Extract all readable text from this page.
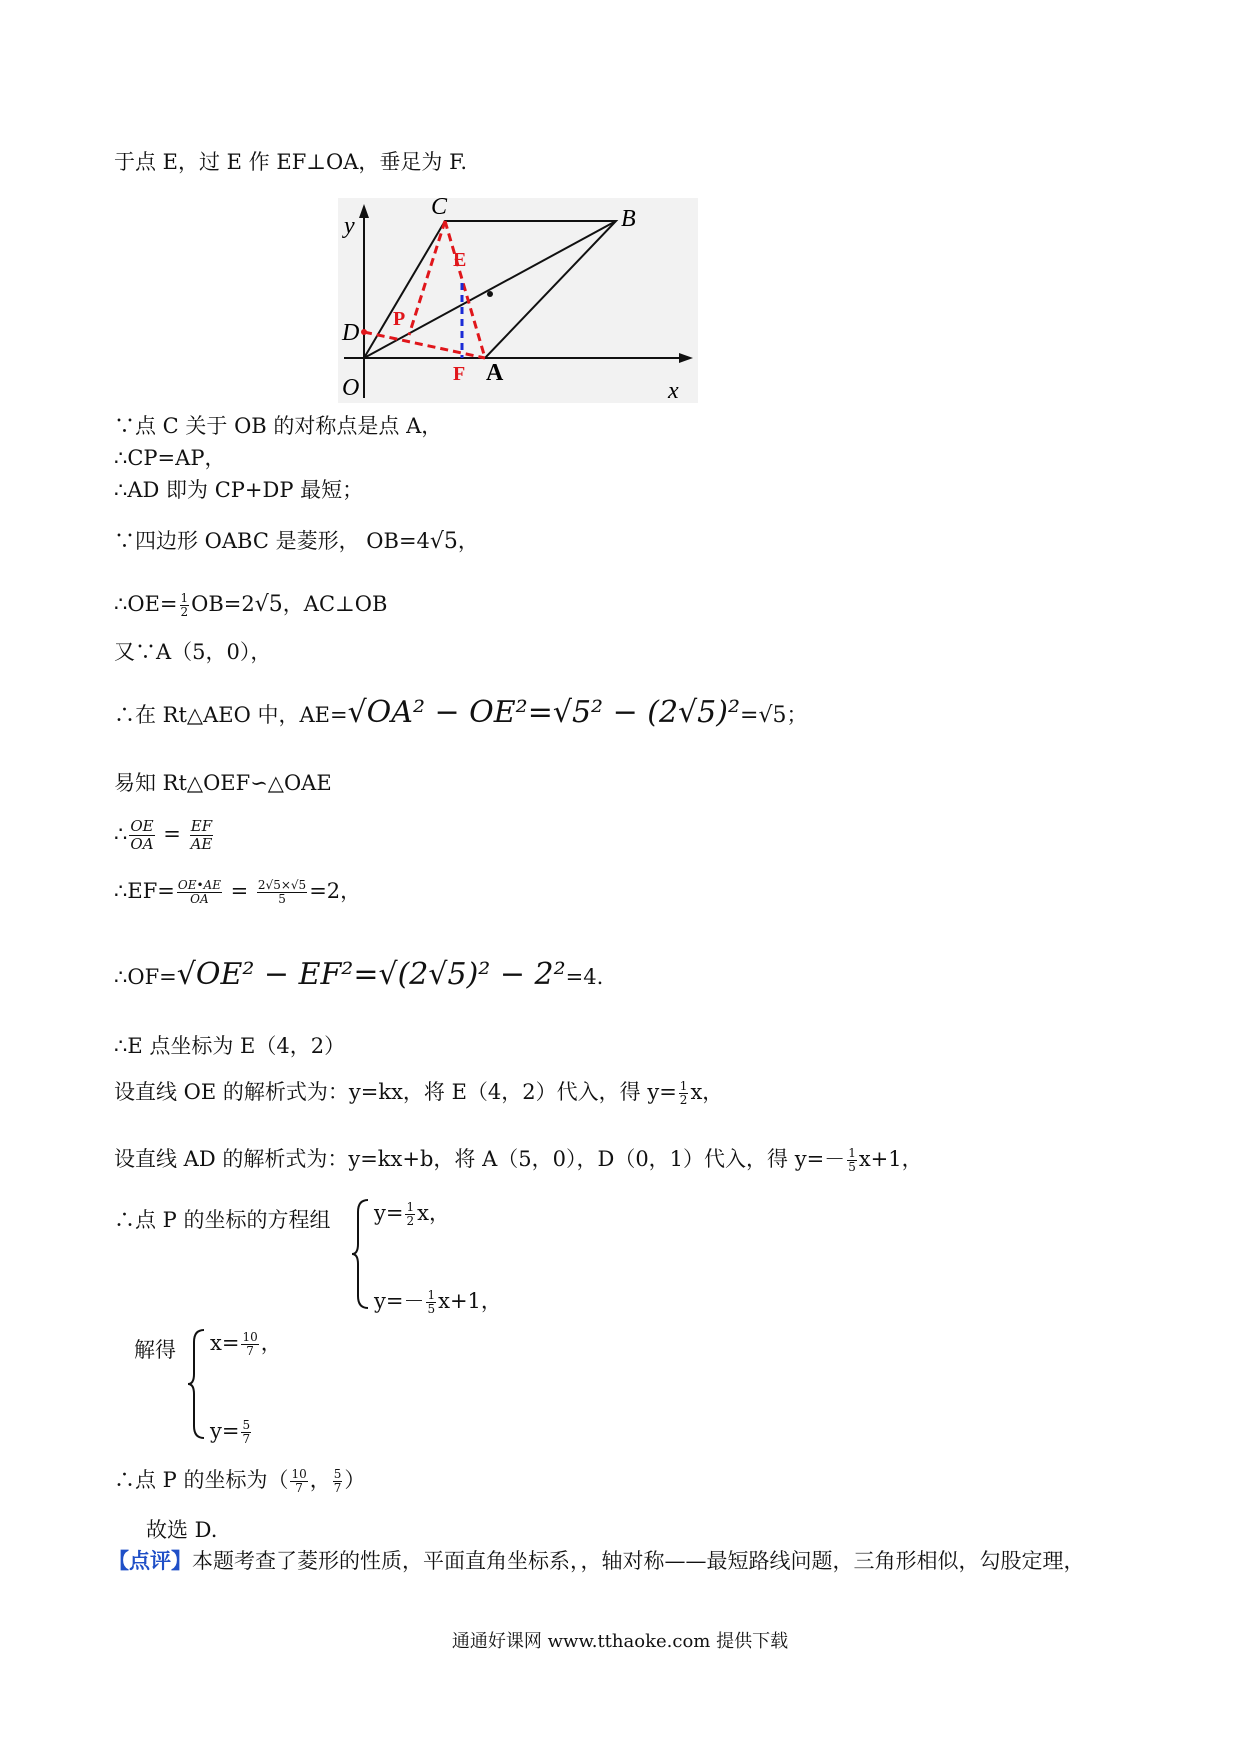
于点 E，过 E 作 EF⊥OA，垂足为 F.
y
x
O
D
C	B
A
E
F
P
∵点 C 关于 OB 的对称点是点 A，
∴CP=AP，
∴AD 即为 CP+DP 最短；
∵四边形 OABC 是菱形， OB=4√5，
∴OE= $\frac{1}{2} OB=2√5$，AC⊥OB
又∵A（5，0），
∴在 Rt△AEO 中，AE=√OA² − OE²=√5² − (2√5)²=√5；
易知 Rt△OEF∽△OAE
∴ $\frac{OE}{OA} = \frac{EF}{AE}$
∴EF= $\frac{OE•AE}{OA} = \frac{2√5\times√5}{5} =2$，
∴OF=√OE² − EF²=√(2√5)² − 2²=4.
∴E 点坐标为 E（4，2）
设直线 OE 的解析式为：y=kx，将 E（4，2）代入，得 $y= \frac{1}{2}$ x，
设直线 AD 的解析式为：y=kx+b，将 A（5，0），D（0，1）代入，得 $y=- \frac{1}{5} x+1$，
∴点 P 的坐标的方程组 $y= \frac{1}{2}$ x，
$y=- \frac{1}{5} x+1$，
解得 $x= \frac{10}{7}$ ，
$y= \frac{5}{7}$
∴点 P 的坐标为（ $\frac{10}{7}$ ， $\frac{5}{7}$ ）
故选 D.
【点评】本题考查了菱形的性质，平面直角坐标系，，轴对称——最短路线问题，三角形相似，勾股定理，
通通好课网 www.tthaoke.com 提供下载
